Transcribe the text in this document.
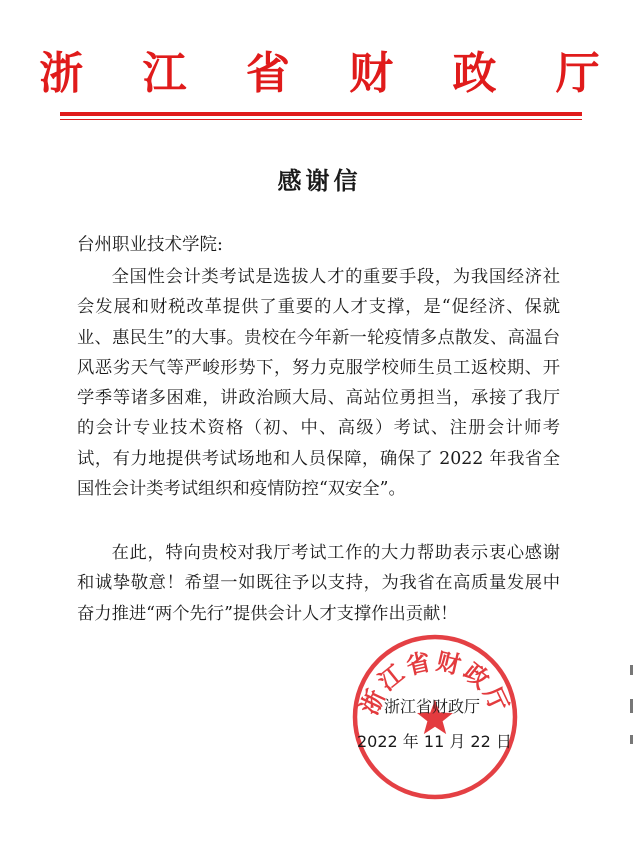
浙 江 省 财 政 厅
感谢信
台州职业技术学院:

全国性会计类考试是选拔人才的重要手段，为我国经济社会发展和财税改革提供了重要的人才支撑，是“促经济、保就业、惠民生”的大事。贵校在今年新一轮疫情多点散发、高温台风恶劣天气等严峻形势下，努力克服学校师生员工返校期、开学季等诸多困难，讲政治顾大局、高站位勇担当，承接了我厅的会计专业技术资格（初、中、高级）考试、注册会计师考试，有力地提供考试场地和人员保障，确保了 2022 年我省全国性会计类考试组织和疫情防控“双安全”。

在此，特向贵校对我厅考试工作的大力帮助表示衷心感谢和诚挚敬意！希望一如既往予以支持，为我省在高质量发展中奋力推进“两个先行”提供会计人才支撑作出贡献！

浙江省财政厅
浙江省财政厅
2022 年 11 月 22 日
